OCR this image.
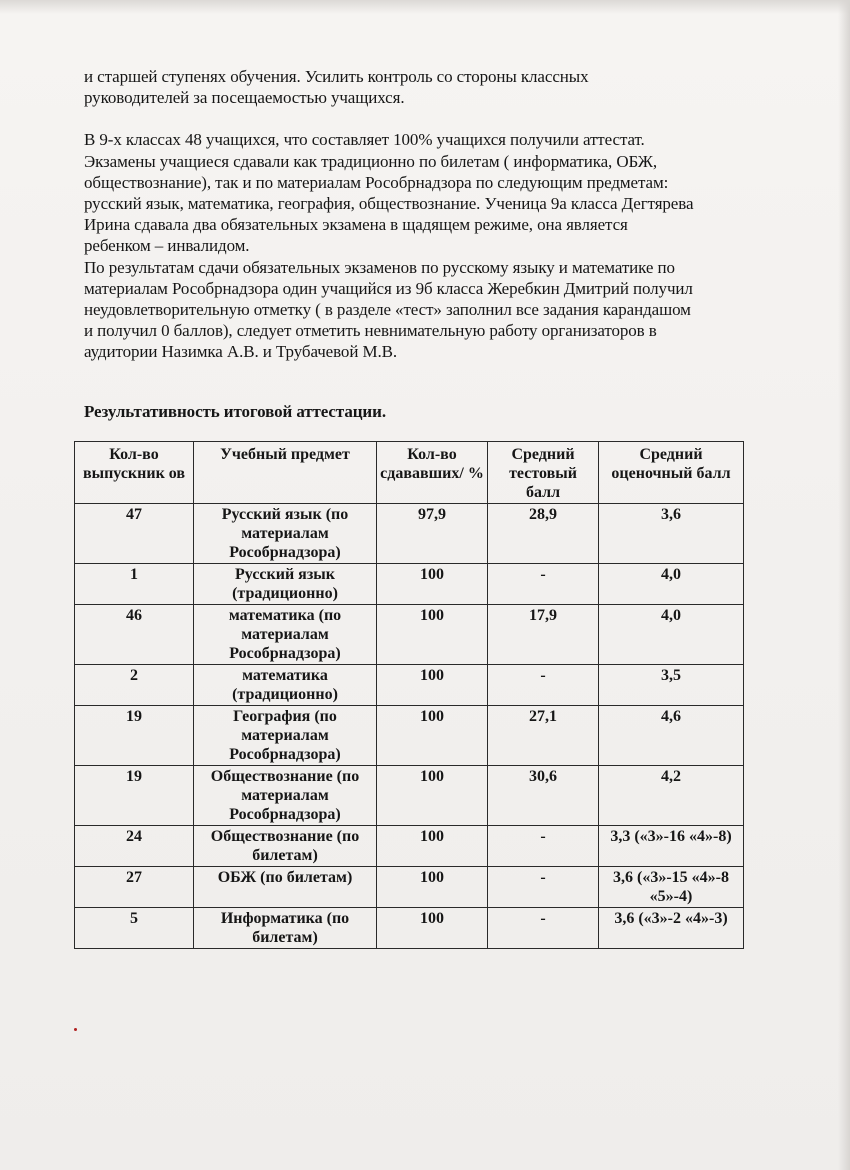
и старшей ступенях обучения. Усилить контроль со стороны классных

руководителей за посещаемостью учащихся.

В 9-х классах 48 учащихся, что составляет 100% учащихся получили аттестат.

Экзамены учащиеся сдавали как традиционно по билетам ( информатика, ОБЖ,

обществознание), так и по материалам Рособрнадзора по следующим предметам:

русский язык, математика, география, обществознание. Ученица 9а класса Дегтярева

Ирина сдавала два обязательных экзамена в щадящем режиме, она является

ребенком – инвалидом.

По результатам сдачи обязательных экзаменов по русскому языку и математике по

материалам Рособрнадзора один учащийся из 9б класса Жеребкин Дмитрий получил

неудовлетворительную отметку ( в разделе «тест» заполнил все задания карандашом

и получил 0 баллов), следует отметить невнимательную работу организаторов в

аудитории Назимка А.В. и Трубачевой М.В.

Результативность итоговой аттестации.
Кол-во выпускник ов	Учебный предмет	Кол-во сдававших/ %	Средний тестовый балл	Средний оценочный балл
47	Русский язык (по материалам Рособрнадзора)	97,9	28,9	3,6
1	Русский язык (традиционно)	100	-	4,0
46	математика (по материалам Рособрнадзора)	100	17,9	4,0
2	математика (традиционно)	100	-	3,5
19	География (по материалам Рособрнадзора)	100	27,1	4,6
19	Обществознание (по материалам Рособрнадзора)	100	30,6	4,2
24	Обществознание (по билетам)	100	-	3,3 («3»-16 «4»-8)
27	ОБЖ (по билетам)	100	-	3,6 («3»-15 «4»-8 «5»-4)
5	Информатика (по билетам)	100	-	3,6 («3»-2 «4»-3)
